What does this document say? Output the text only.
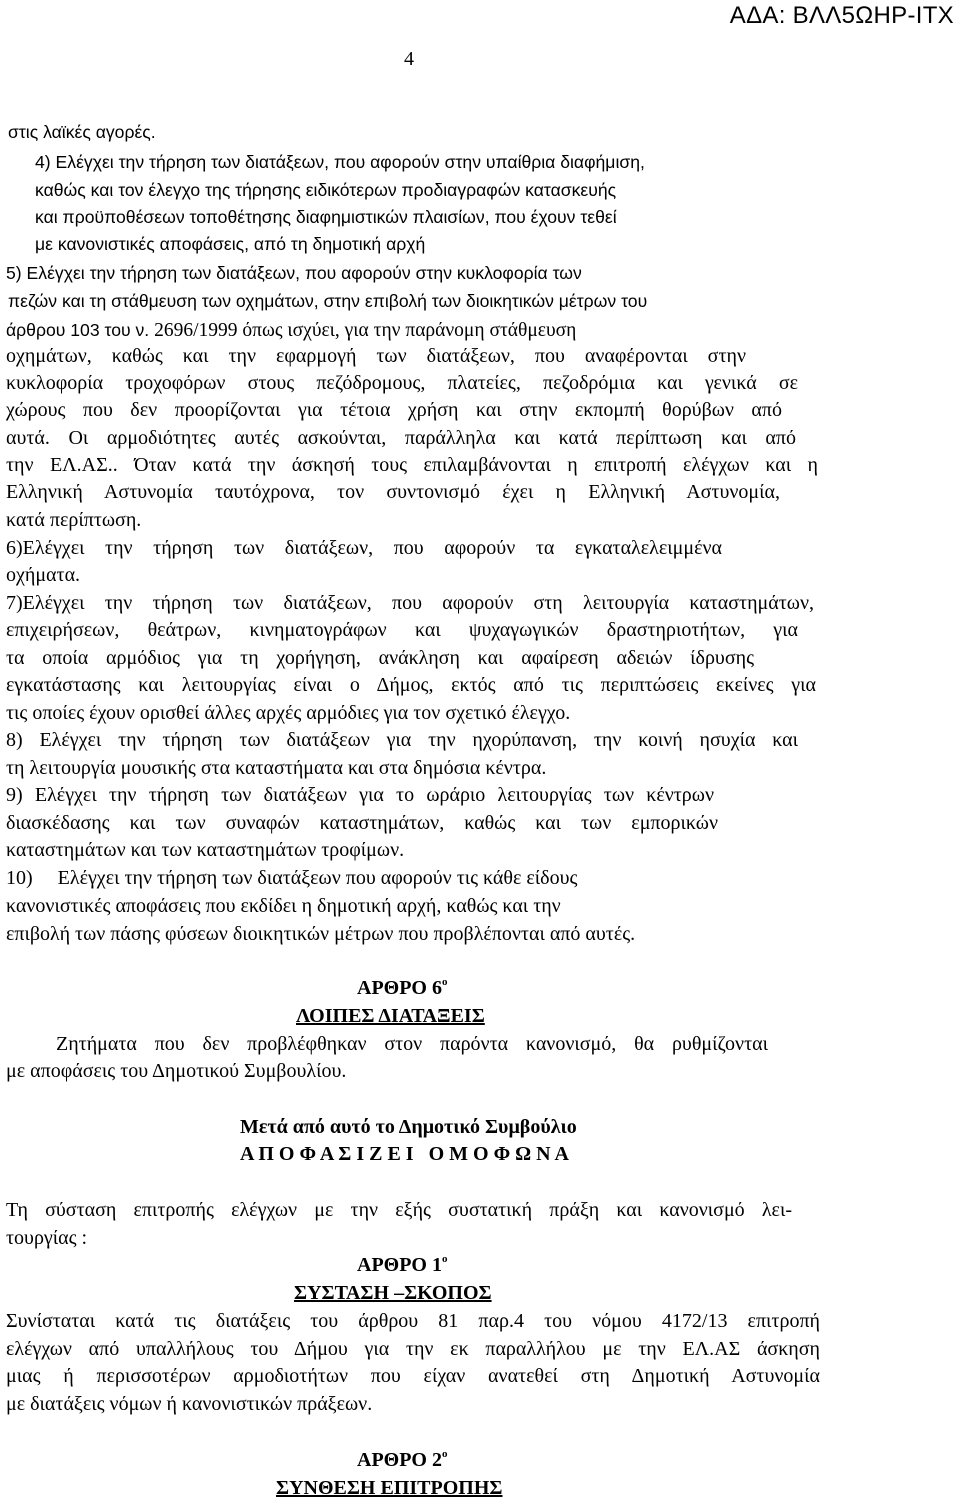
ΑΔΑ: ΒΛΛ5ΩΗΡ-ΙΤΧ
4
στις λαϊκές αγορές.
4) Ελέγχει την τήρηση των διατάξεων, που αφορούν στην υπαίθρια διαφήμιση,
καθώς και τον έλεγχο της τήρησης ειδικότερων προδιαγραφών κατασκευής
και προϋποθέσεων τοποθέτησης διαφημιστικών πλαισίων, που έχουν τεθεί
με κανονιστικές αποφάσεις, από τη δημοτική αρχή
5) Ελέγχει την τήρηση των διατάξεων, που αφορούν στην κυκλοφορία των
πεζών και τη στάθμευση των οχημάτων, στην επιβολή των διοικητικών μέτρων του
άρθρου 103 του ν. 2696/1999 όπως ισχύει, για την παράνομη στάθμευση
οχημάτων, καθώς και την εφαρμογή των διατάξεων, που αναφέρονται στην
κυκλοφορία τροχοφόρων στους πεζόδρομους, πλατείες, πεζοδρόμια και γενικά σε
χώρους που δεν προορίζονται για τέτοια χρήση και στην εκπομπή θορύβων από
αυτά. Οι αρμοδιότητες αυτές ασκούνται, παράλληλα και κατά περίπτωση και από
την ΕΛ.ΑΣ.. Όταν κατά την άσκησή τους επιλαμβάνονται η επιτροπή ελέγχων και η
Ελληνική Αστυνομία ταυτόχρονα, τον συντονισμό έχει η Ελληνική Αστυνομία,
κατά περίπτωση.
6)Ελέγχει την τήρηση των διατάξεων, που αφορούν τα εγκαταλελειμμένα
οχήματα.
7)Ελέγχει την τήρηση των διατάξεων, που αφορούν στη λειτουργία καταστημάτων,
επιχειρήσεων, θεάτρων, κινηματογράφων και ψυχαγωγικών δραστηριοτήτων, για
τα οποία αρμόδιος για τη χορήγηση, ανάκληση και αφαίρεση αδειών ίδρυσης
εγκατάστασης και λειτουργίας είναι ο Δήμος, εκτός από τις περιπτώσεις εκείνες για
τις οποίες έχουν ορισθεί άλλες αρχές αρμόδιες για τον σχετικό έλεγχο.
8) Ελέγχει την τήρηση των διατάξεων για την ηχορύπανση, την κοινή ησυχία και
τη λειτουργία μουσικής στα καταστήματα και στα δημόσια κέντρα.
9) Ελέγχει την τήρηση των διατάξεων για το ωράριο λειτουργίας των κέντρων
διασκέδασης και των συναφών καταστημάτων, καθώς και των εμπορικών
καταστημάτων και των καταστημάτων τροφίμων.
10)     Ελέγχει την τήρηση των διατάξεων που αφορούν τις κάθε είδους
κανονιστικές αποφάσεις που εκδίδει η δημοτική αρχή, καθώς και την
επιβολή των πάσης φύσεων διοικητικών μέτρων που προβλέπονται από αυτές.
ΑΡΘΡΟ $6^o$
ΛΟΙΠΕΣ ΔΙΑΤΑΞΕΙΣ
Ζητήματα που δεν προβλέφθηκαν στον παρόντα κανονισμό, θα ρυθμίζονται
με αποφάσεις του Δημοτικού Συμβουλίου.
Μετά από αυτό το Δημοτικό Συμβούλιο
Α Π Ο Φ Α Σ Ι Ζ Ε Ι   Ο Μ Ο Φ Ω Ν Α
Τη σύσταση επιτροπής ελέγχων με την εξής συστατική πράξη και κανονισμό λει-
τουργίας :
ΑΡΘΡΟ $1^o$
ΣΥΣΤΑΣΗ –ΣΚΟΠΟΣ
Συνίσταται κατά τις διατάξεις του άρθρου 81 παρ.4 του νόμου 4172/13 επιτροπή
ελέγχων από υπαλλήλους του Δήμου για την εκ παραλλήλου με την ΕΛ.ΑΣ άσκηση
μιας ή περισσοτέρων αρμοδιοτήτων που είχαν ανατεθεί στη Δημοτική Αστυνομία
με διατάξεις νόμων ή κανονιστικών πράξεων.
ΑΡΘΡΟ $2^o$
ΣΥΝΘΕΣΗ ΕΠΙΤΡΟΠΗΣ
